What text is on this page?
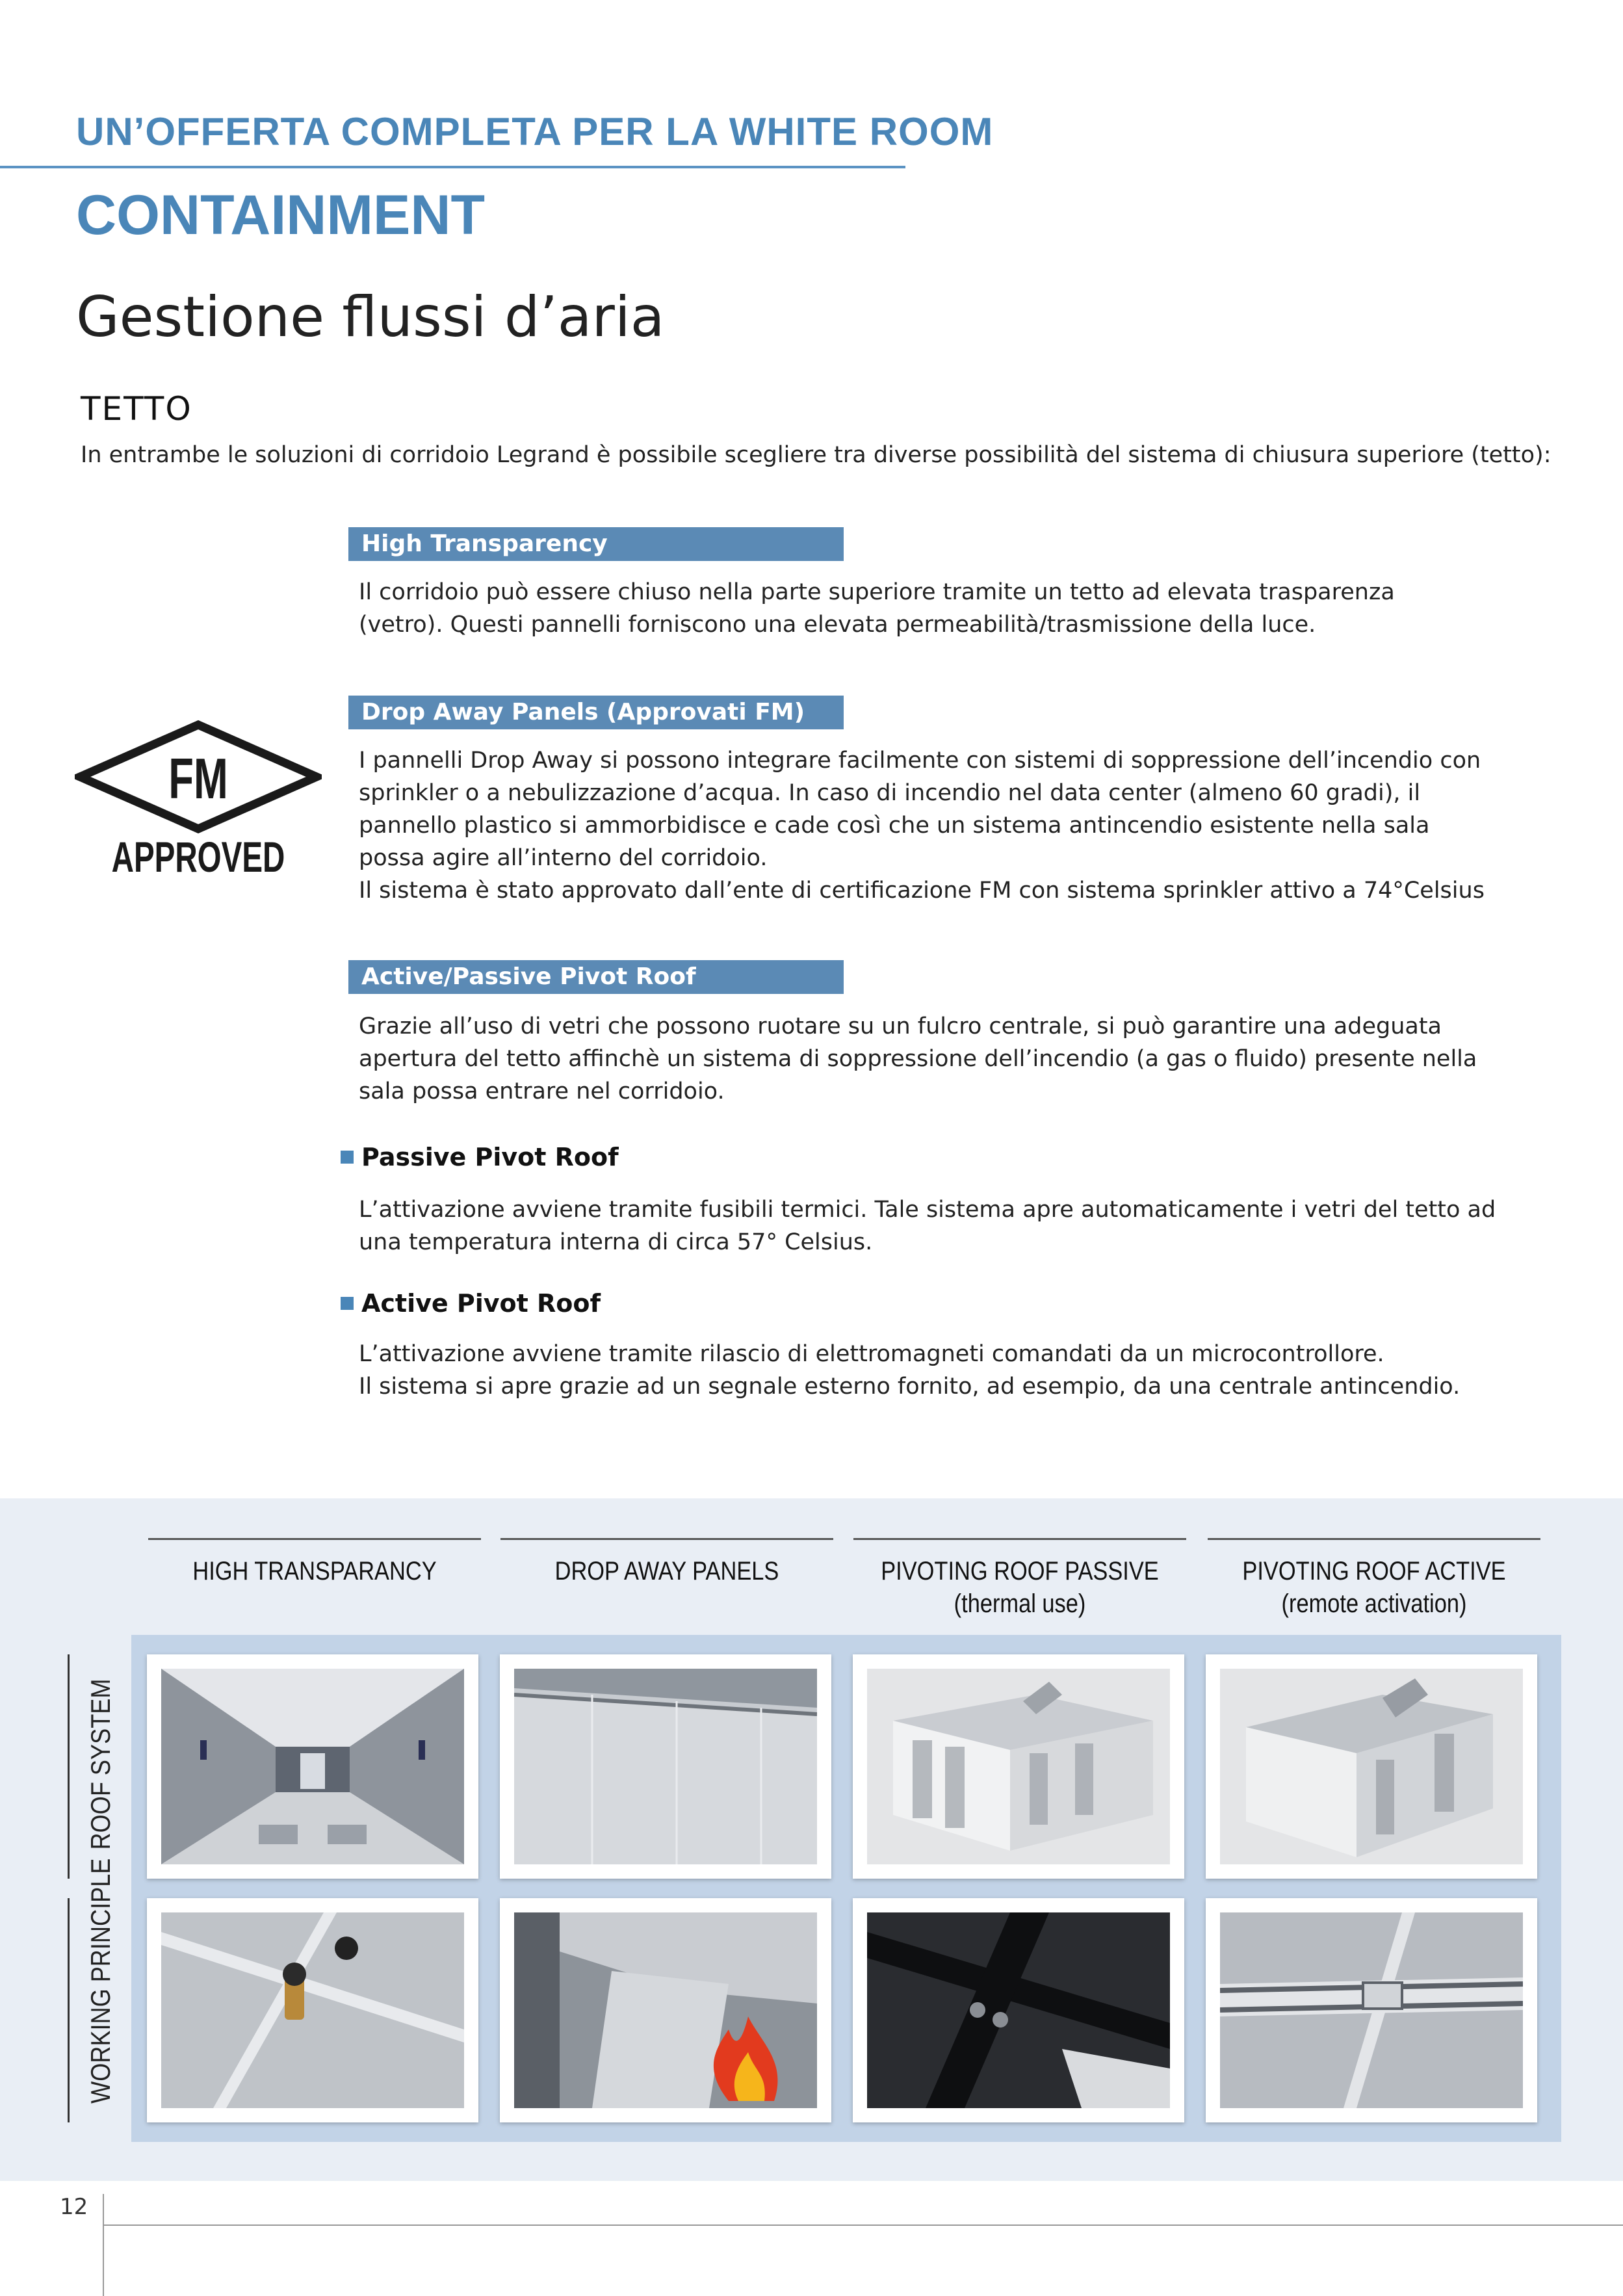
UN’OFFERTA COMPLETA PER LA WHITE ROOM
CONTAINMENT
Gestione flussi d’aria
TETTO
In entrambe le soluzioni di corridoio Legrand è possibile scegliere tra diverse possibilità del sistema di chiusura superiore (tetto):
FM
APPROVED
High Transparency
Il corridoio può essere chiuso nella parte superiore tramite un tetto ad elevata trasparenza
(vetro). Questi pannelli forniscono una elevata permeabilità/trasmissione della luce.
Drop Away Panels (Approvati FM)
I pannelli Drop Away si possono integrare facilmente con sistemi di soppressione dell’incendio con
sprinkler o a nebulizzazione d’acqua. In caso di incendio nel data center (almeno 60 gradi), il
pannello plastico si ammorbidisce e cade così che un sistema antincendio esistente nella sala
possa agire all’interno del corridoio.
Il sistema è stato approvato dall’ente di certificazione FM con sistema sprinkler attivo a 74°Celsius
Active/Passive Pivot Roof
Grazie all’uso di vetri che possono ruotare su un fulcro centrale, si può garantire una adeguata
apertura del tetto affinchè un sistema di soppressione dell’incendio (a gas o fluido) presente nella
sala possa entrare nel corridoio.
Passive Pivot Roof
L’attivazione avviene tramite fusibili termici. Tale sistema apre automaticamente i vetri del tetto ad
una temperatura interna di circa 57° Celsius.
Active Pivot Roof
L’attivazione avviene tramite rilascio di elettromagneti comandati da un microcontrollore.
Il sistema si apre grazie ad un segnale esterno fornito, ad esempio, da una centrale antincendio.
HIGH TRANSPARANCY	DROP AWAY PANELS	PIVOTING ROOF PASSIVE
(thermal use)
PIVOTING ROOF ACTIVE
(remote activation)
ROOF SYSTEM
WORKING PRINCIPLE
12
